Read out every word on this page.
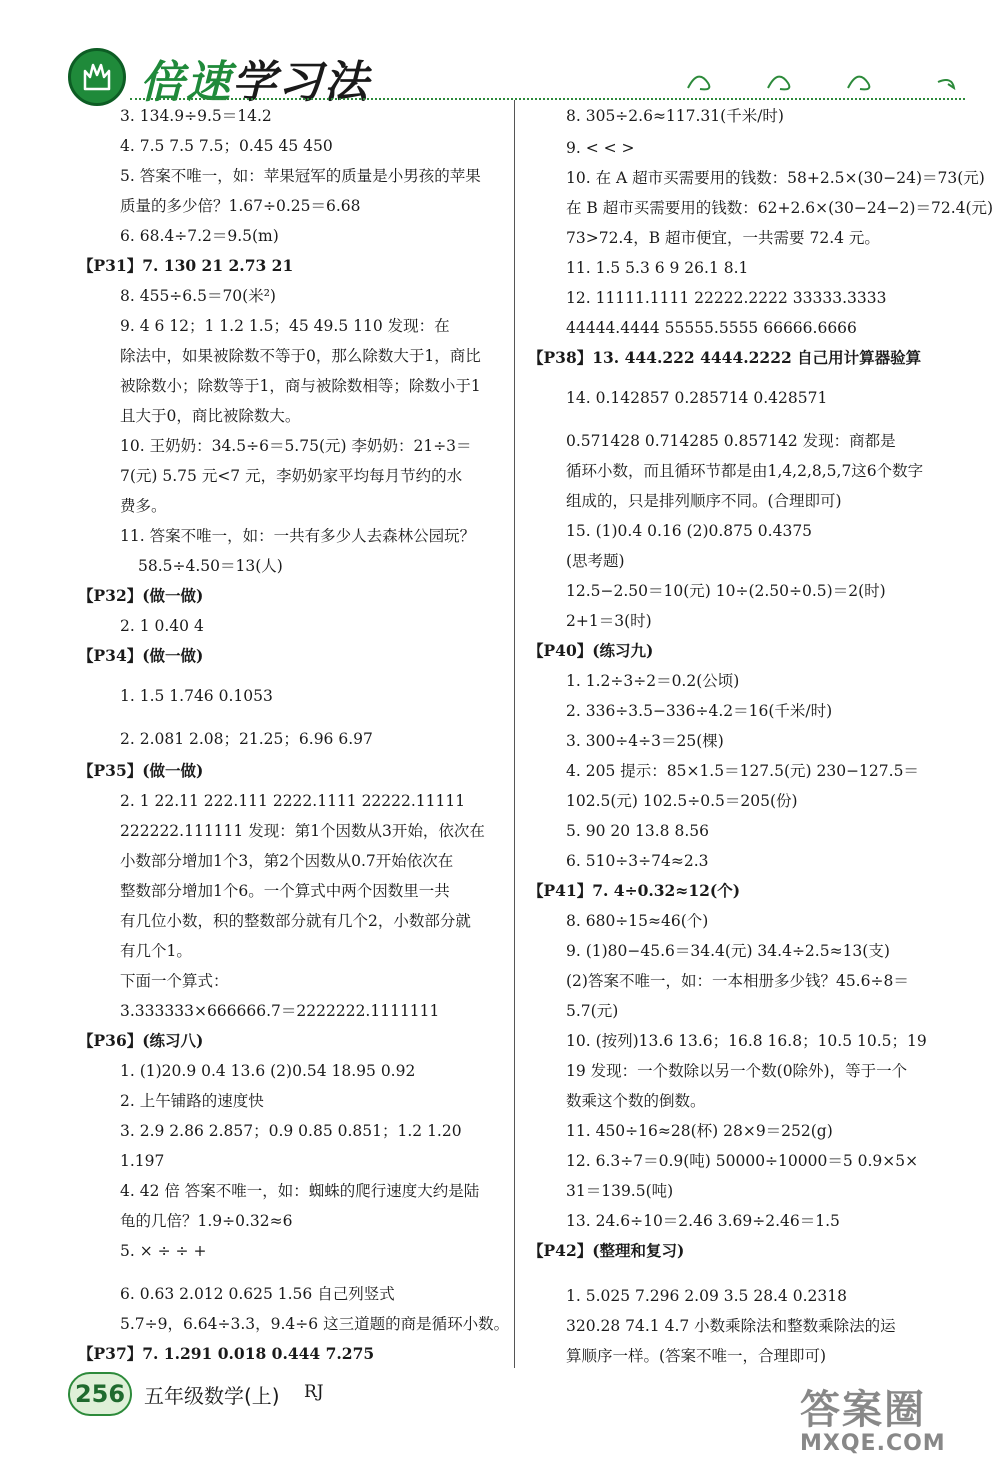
倍速学习法
3. 134.9÷9.5＝14.2
4. 7.5 7.5 7.5；0.45 45 450
5. 答案不唯一，如：苹果冠军的质量是小男孩的苹果
质量的多少倍？1.67÷0.25＝6.68
6. 68.4÷7.2＝9.5(m)
【P31】7. 130 21 2.73 21
8. 455÷6.5＝70(米²)
9. 4 6 12；1 1.2 1.5；45 49.5 110 发现：在
除法中，如果被除数不等于0，那么除数大于1，商比
被除数小；除数等于1，商与被除数相等；除数小于1
且大于0，商比被除数大。
10. 王奶奶：34.5÷6＝5.75(元) 李奶奶：21÷3＝
7(元) 5.75 元<7 元，李奶奶家平均每月节约的水
费多。
11. 答案不唯一，如：一共有多少人去森林公园玩？
58.5÷4.50＝13(人)
【P32】(做一做)
2. 1 0.40 4
【P34】(做一做)
1. 1.5 1.746 0.1053
2. 2.081 2.08；21.25；6.96 6.97
【P35】(做一做)
2. 1 22.11 222.111 2222.1111 22222.11111
222222.111111 发现：第1个因数从3开始，依次在
小数部分增加1个3，第2个因数从0.7开始依次在
整数部分增加1个6。一个算式中两个因数里一共
有几位小数，积的整数部分就有几个2，小数部分就
有几个1。
下面一个算式：
3.333333×666666.7＝2222222.1111111
【P36】(练习八)
1. (1)20.9 0.4 13.6 (2)0.54 18.95 0.92
2. 上午铺路的速度快
3. 2.9 2.86 2.857；0.9 0.85 0.851；1.2 1.20
1.197
4. 42 倍 答案不唯一，如：蜘蛛的爬行速度大约是陆
龟的几倍？1.9÷0.32≈6
5. × ÷ ÷ +
6. 0.63 2.012 0.625 1.56 自己列竖式
5.7÷9，6.64÷3.3，9.4÷6 这三道题的商是循环小数。
【P37】7. 1.291 0.018 0.444 7.275
8. 305÷2.6≈117.31(千米/时)
9. < < >
10. 在 A 超市买需要用的钱数：58+2.5×(30−24)＝73(元)
在 B 超市买需要用的钱数：62+2.6×(30−24−2)＝72.4(元)
73>72.4，B 超市便宜，一共需要 72.4 元。
11. 1.5 5.3 6 9 26.1 8.1
12. 11111.1111 22222.2222 33333.3333
44444.4444 55555.5555 66666.6666
【P38】13. 444.222 4444.2222 自己用计算器验算
14. 0.142857 0.285714 0.428571
0.571428 0.714285 0.857142 发现：商都是
循环小数，而且循环节都是由1,4,2,8,5,7这6个数字
组成的，只是排列顺序不同。(合理即可)
15. (1)0.4 0.16 (2)0.875 0.4375
(思考题)
12.5−2.50＝10(元) 10÷(2.50÷0.5)＝2(时)
2+1＝3(时)
【P40】(练习九)
1. 1.2÷3÷2＝0.2(公顷)
2. 336÷3.5−336÷4.2＝16(千米/时)
3. 300÷4÷3＝25(棵)
4. 205 提示：85×1.5＝127.5(元) 230−127.5＝
102.5(元) 102.5÷0.5＝205(份)
5. 90 20 13.8 8.56
6. 510÷3÷74≈2.3
【P41】7. 4÷0.32≈12(个)
8. 680÷15≈46(个)
9. (1)80−45.6＝34.4(元) 34.4÷2.5≈13(支)
(2)答案不唯一，如：一本相册多少钱？45.6÷8＝
5.7(元)
10. (按列)13.6 13.6；16.8 16.8；10.5 10.5；19
19 发现：一个数除以另一个数(0除外)，等于一个
数乘这个数的倒数。
11. 450÷16≈28(杯) 28×9＝252(g)
12. 6.3÷7＝0.9(吨) 50000÷10000＝5 0.9×5×
31＝139.5(吨)
13. 24.6÷10＝2.46 3.69÷2.46＝1.5
【P42】(整理和复习)
1. 5.025 7.296 2.09 3.5 28.4 0.2318
320.28 74.1 4.7 小数乘除法和整数乘除法的运
算顺序一样。(答案不唯一，合理即可)
256 五年级数学(上) RJ	答案圈
MXQE.COM
